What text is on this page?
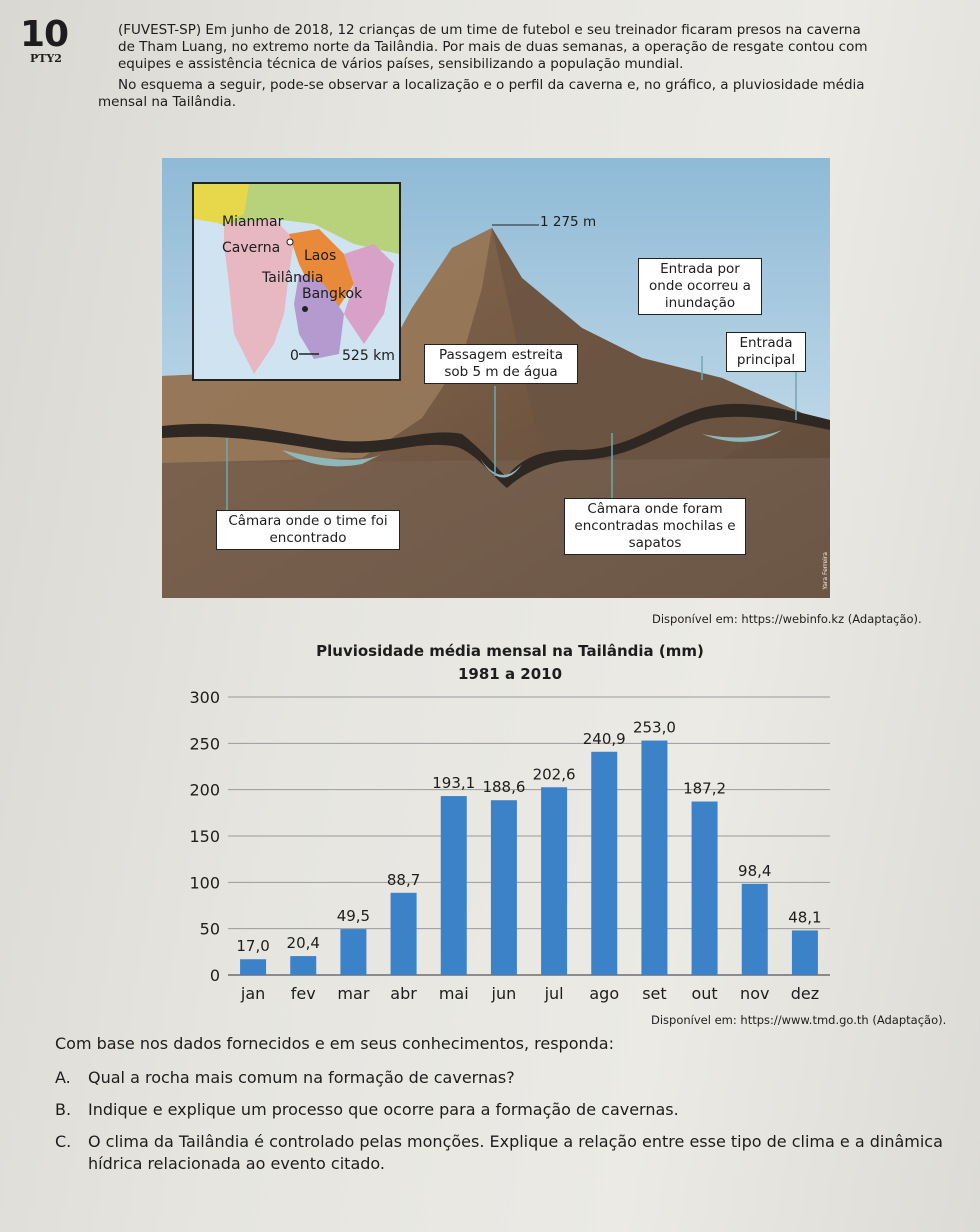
10
PTY2

(FUVEST-SP) Em junho de 2018, 12 crianças de um time de futebol e seu treinador ficaram presos na caverna de Tham Luang, no extremo norte da Tailândia. Por mais de duas semanas, a operação de resgate contou com equipes e assistência técnica de vários países, sensibilizando a população mundial.

No esquema a seguir, pode-se observar a localização e o perfil da caverna e, no gráfico, a pluviosidade média mensal na Tailândia.

Mianmar
Caverna Laos
Tailândia
Bangkok
0	525 km
1 275 m
Entrada por onde ocorreu a inundação
Entrada principal
Passagem estreita sob 5 m de água
Câmara onde o time foi encontrado
Câmara onde foram encontradas mochilas e sapatos
Yara Ferreira
Disponível em: https://webinfo.kz (Adaptação).
Pluviosidade média mensal na Tailândia (mm)
1981 a 2010
0
50
100
150
200
250
300
17,0
jan
20,4
fev
49,5
mar
88,7
abr
193,1
mai
188,6
jun
202,6
jul
240,9
ago
253,0
set
187,2
out
98,4
nov
48,1
dez
Disponível em: https://www.tmd.go.th (Adaptação).
Com base nos dados fornecidos e em seus conhecimentos, responda:
A. Qual a rocha mais comum na formação de cavernas?
B. Indique e explique um processo que ocorre para a formação de cavernas.
C. O clima da Tailândia é controlado pelas monções. Explique a relação entre esse tipo de clima e a dinâmica hídrica relacionada ao evento citado.
